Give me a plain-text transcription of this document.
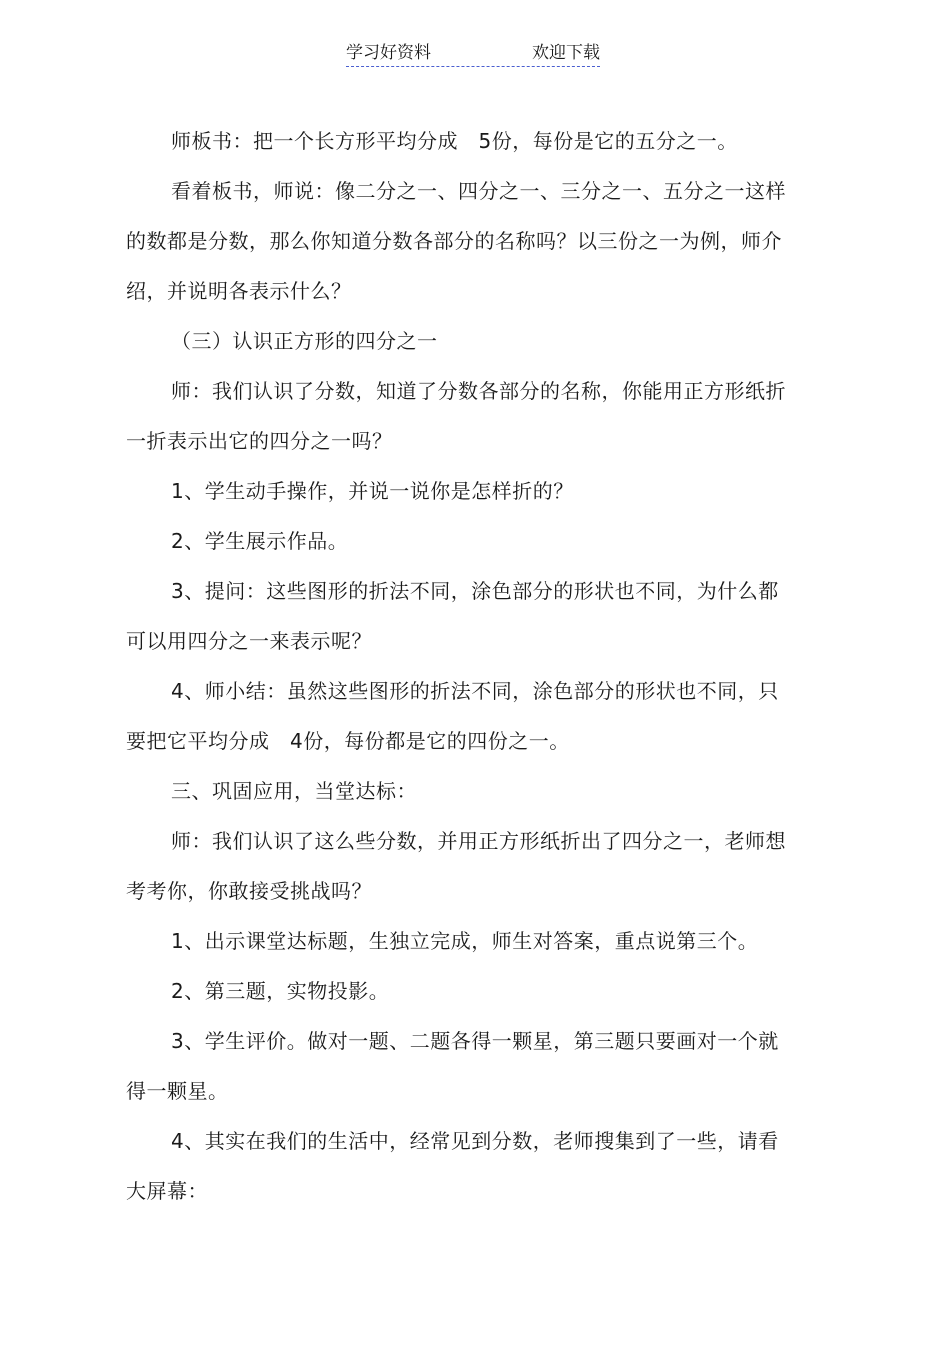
学习好资料	欢迎下载

师板书：把一个长方形平均分成　5份，每份是它的五分之一。

看着板书，师说：像二分之一、四分之一、三分之一、五分之一这样的数都是分数，那么你知道分数各部分的名称吗？以三份之一为例，师介绍，并说明各表示什么？

（三）认识正方形的四分之一

师：我们认识了分数，知道了分数各部分的名称，你能用正方形纸折一折表示出它的四分之一吗？

1、学生动手操作，并说一说你是怎样折的？

2、学生展示作品。

3、提问：这些图形的折法不同，涂色部分的形状也不同，为什么都可以用四分之一来表示呢？

4、师小结：虽然这些图形的折法不同，涂色部分的形状也不同，只要把它平均分成　4份，每份都是它的四份之一。

三、巩固应用，当堂达标：

师：我们认识了这么些分数，并用正方形纸折出了四分之一，老师想考考你，你敢接受挑战吗？

1、出示课堂达标题，生独立完成，师生对答案，重点说第三个。

2、第三题，实物投影。

3、学生评价。做对一题、二题各得一颗星，第三题只要画对一个就得一颗星。

4、其实在我们的生活中，经常见到分数，老师搜集到了一些，请看大屏幕：
